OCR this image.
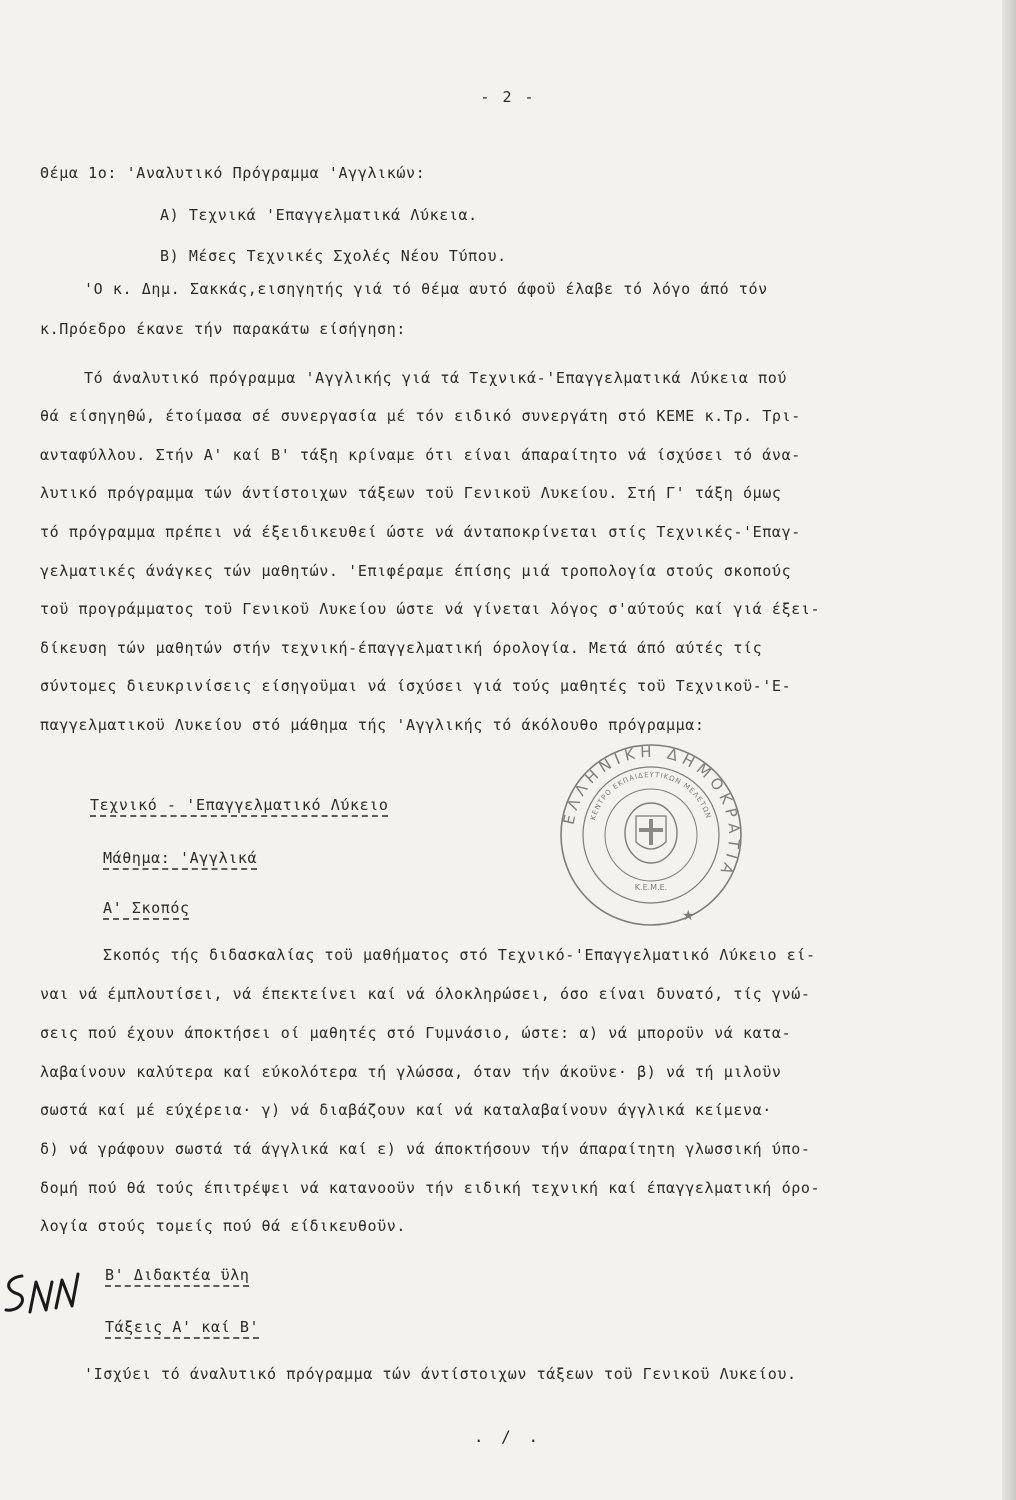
- 2 -
Θέμα 1ο: 'Αναλυτικό Πρόγραμμα 'Αγγλικών:
A) Τεχνικά 'Επαγγελματικά Λύκεια.
B) Μέσες Τεχνικές Σχολές Νέου Τύπου.
'Ο κ. Δημ. Σακκάς,εισηγητής γιά τό θέμα αυτό άφοϋ έλαβε τό λόγο άπό τόν
κ.Πρόεδρο έκανε τήν παρακάτω είσήγηση:
Τό άναλυτικό πρόγραμμα 'Αγγλικής γιά τά Τεχνικά-'Επαγγελματικά Λύκεια πού
θά είσηγηθώ, έτοίμασα σέ συνεργασία μέ τόν ειδικό συνεργάτη στό ΚΕΜΕ κ.Τρ. Τρι-
ανταφύλλου. Στήν Α' καί Β' τάξη κρίναμε ότι είναι άπαραίτητο νά ίσχύσει τό άνα-
λυτικό πρόγραμμα τών άντίστοιχων τάξεων τοϋ Γενικοϋ Λυκείου. Στή Γ' τάξη όμως
τό πρόγραμμα πρέπει νά έξειδικευθεί ώστε νά άνταποκρίνεται στίς Τεχνικές-'Επαγ-
γελματικές άνάγκες τών μαθητών. 'Επιφέραμε έπίσης μιά τροπολογία στούς σκοπούς
τοϋ προγράμματος τοϋ Γενικοϋ Λυκείου ώστε νά γίνεται λόγος σ'αύτούς καί γιά έξει-
δίκευση τών μαθητών στήν τεχνική-έπαγγελματική όρολογία. Μετά άπό αύτές τίς
σύντομες διευκρινίσεις είσηγοϋμαι νά ίσχύσει γιά τούς μαθητές τοϋ Τεχνικοϋ-'Ε-
παγγελματικοϋ Λυκείου στό μάθημα τής 'Αγγλικής τό άκόλουθο πρόγραμμα:
Τεχνικό - 'Επαγγελματικό Λύκειο
Μάθημα: 'Αγγλικά
Α' Σκοπός
Σκοπός τής διδασκαλίας τοϋ μαθήματος στό Τεχνικό-'Επαγγελματικό Λύκειο εί-
ναι νά έμπλουτίσει, νά έπεκτείνει καί νά όλοκληρώσει, όσο είναι δυνατό, τίς γνώ-
σεις πού έχουν άποκτήσει οί μαθητές στό Γυμνάσιο, ώστε: α) νά μποροϋν νά κατα-
λαβαίνουν καλύτερα καί εύκολότερα τή γλώσσα, όταν τήν άκοϋνε· β) νά τή μιλοϋν
σωστά καί μέ εύχέρεια· γ) νά διαβάζουν καί νά καταλαβαίνουν άγγλικά κείμενα·
δ) νά γράφουν σωστά τά άγγλικά καί ε) νά άποκτήσουν τήν άπαραίτητη γλωσσική ύπο-
δομή πού θά τούς έπιτρέψει νά κατανοοϋν τήν ειδική τεχνική καί έπαγγελματική όρο-
λογία στούς τομείς πού θά είδικευθοϋν.
Β' Διδακτέα ϋλη
Τάξεις Α' καί Β'
'Ισχύει τό άναλυτικό πρόγραμμα τών άντίστοιχων τάξεων τοϋ Γενικοϋ Λυκείου.
. / .
ΕΛΛΗΝΙΚΗ ΔΗΜΟΚΡΑΤΙΑ
ΚΕΝΤΡΟ ΕΚΠΑΙΔΕΥΤΙΚΩΝ ΜΕΛΕΤΩΝ
Κ.Ε.Μ.Ε.
★
